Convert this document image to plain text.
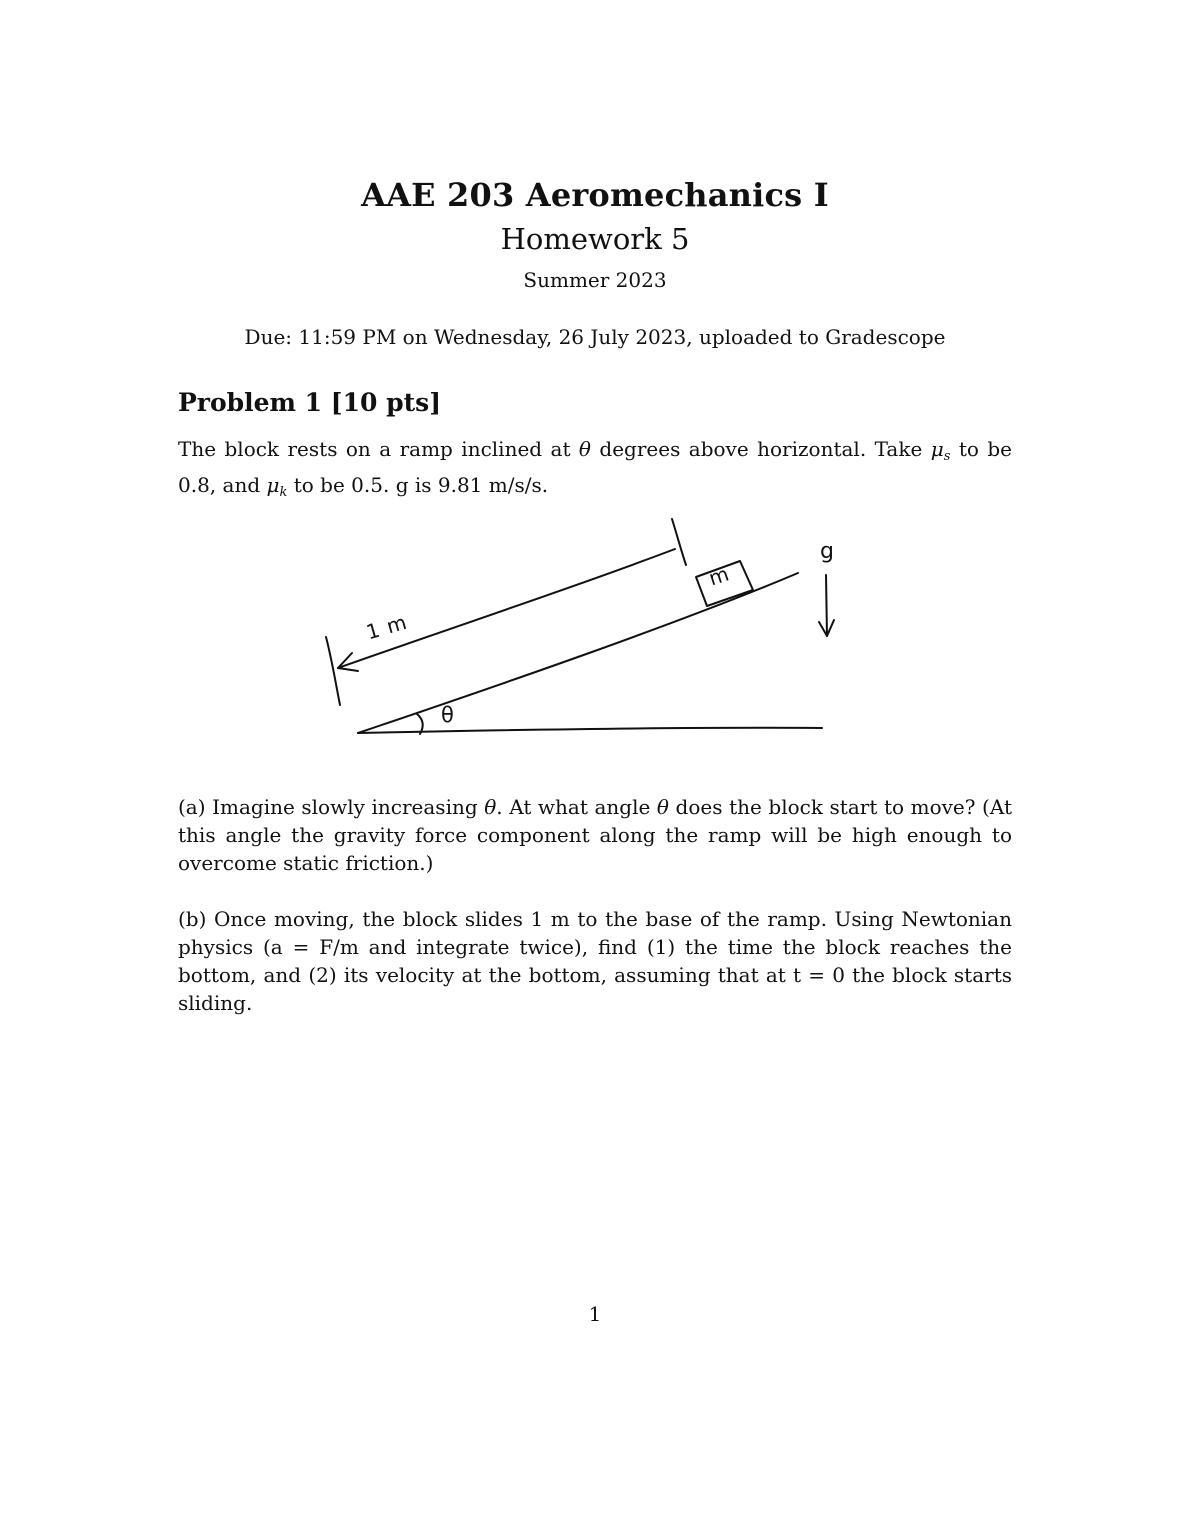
AAE 203 Aeromechanics I
Homework 5
Summer 2023
Due: 11:59 PM on Wednesday, 26 July 2023, uploaded to Gradescope
Problem 1 [10 pts]
The block rests on a ramp inclined at θ degrees above horizontal. Take $\mu_s$ to be 0.8, and $\mu_k$ to be 0.5. g is 9.81 m/s/s.
1 m
m
g
θ
(a) Imagine slowly increasing θ. At what angle θ does the block start to move? (At this angle the gravity force component along the ramp will be high enough to overcome static friction.)
(b) Once moving, the block slides 1 m to the base of the ramp. Using Newtonian physics (a = F/m and integrate twice), find (1) the time the block reaches the bottom, and (2) its velocity at the bottom, assuming that at t = 0 the block starts sliding.
1
